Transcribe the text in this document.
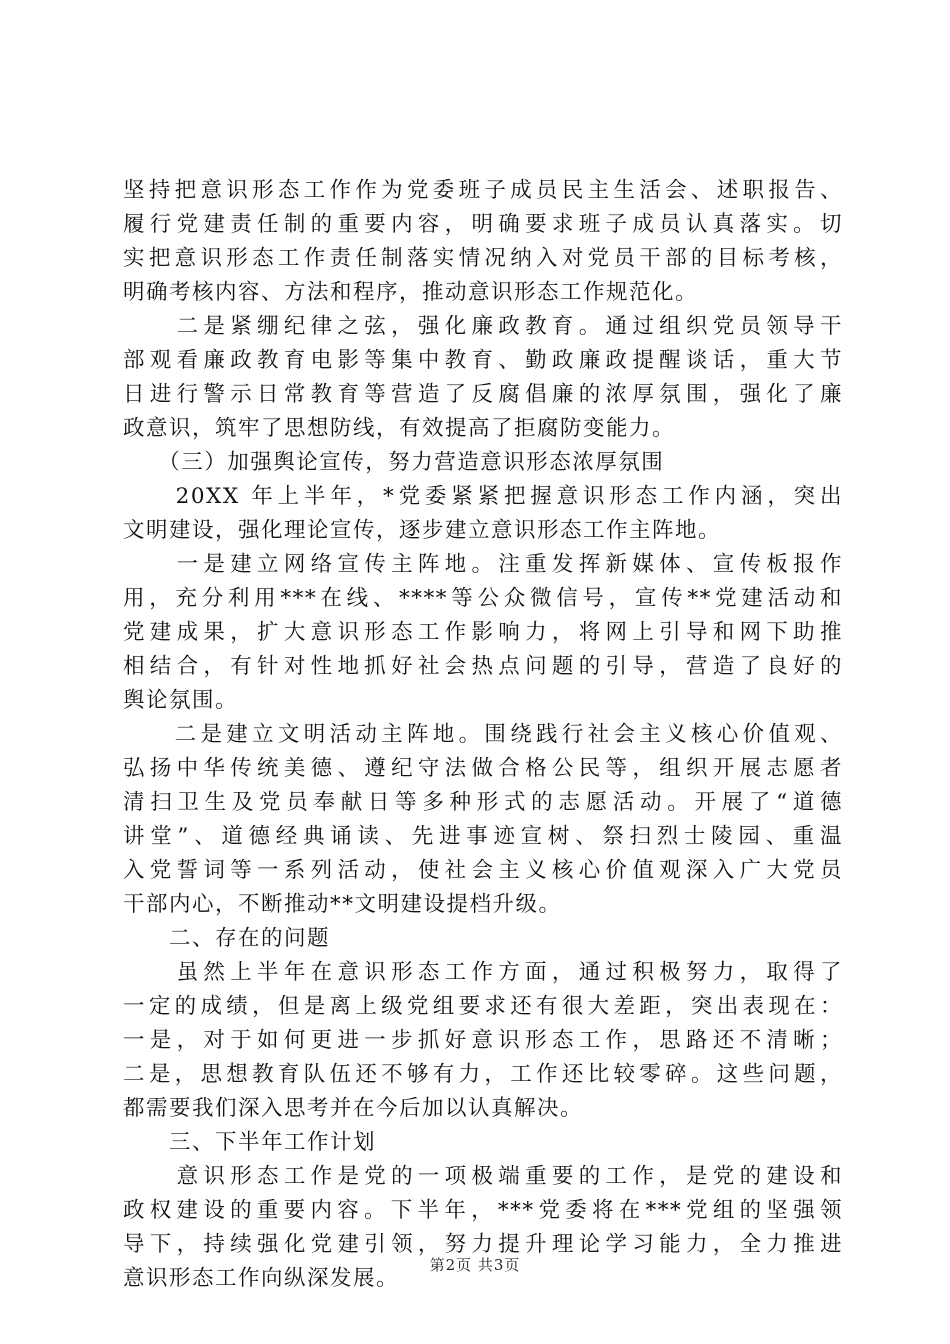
坚持把意识形态工作作为党委班子成员民主生活会、述职报告、
履行党建责任制的重要内容，明确要求班子成员认真落实。切
实把意识形态工作责任制落实情况纳入对党员干部的目标考核，
明确考核内容、方法和程序，推动意识形态工作规范化。
　　二是紧绷纪律之弦，强化廉政教育。通过组织党员领导干
部观看廉政教育电影等集中教育、勤政廉政提醒谈话，重大节
日进行警示日常教育等营造了反腐倡廉的浓厚氛围，强化了廉
政意识，筑牢了思想防线，有效提高了拒腐防变能力。
　　（三）加强舆论宣传，努力营造意识形态浓厚氛围
　　20XX 年上半年，*党委紧紧把握意识形态工作内涵，突出
文明建设，强化理论宣传，逐步建立意识形态工作主阵地。
　　一是建立网络宣传主阵地。注重发挥新媒体、宣传板报作
用，充分利用***在线、****等公众微信号，宣传**党建活动和
党建成果，扩大意识形态工作影响力，将网上引导和网下助推
相结合，有针对性地抓好社会热点问题的引导，营造了良好的
舆论氛围。
　　二是建立文明活动主阵地。围绕践行社会主义核心价值观、
弘扬中华传统美德、遵纪守法做合格公民等，组织开展志愿者
清扫卫生及党员奉献日等多种形式的志愿活动。开展了“道德
讲堂”、道德经典诵读、先进事迹宣树、祭扫烈士陵园、重温
入党誓词等一系列活动，使社会主义核心价值观深入广大党员
干部内心，不断推动**文明建设提档升级。
　　二、存在的问题
　　虽然上半年在意识形态工作方面，通过积极努力，取得了
一定的成绩，但是离上级党组要求还有很大差距，突出表现在：
一是，对于如何更进一步抓好意识形态工作，思路还不清晰；
二是，思想教育队伍还不够有力，工作还比较零碎。这些问题，
都需要我们深入思考并在今后加以认真解决。
　　三、下半年工作计划
　　意识形态工作是党的一项极端重要的工作，是党的建设和
政权建设的重要内容。下半年，***党委将在***党组的坚强领
导下，持续强化党建引领，努力提升理论学习能力，全力推进
意识形态工作向纵深发展。
第2页 共3页
